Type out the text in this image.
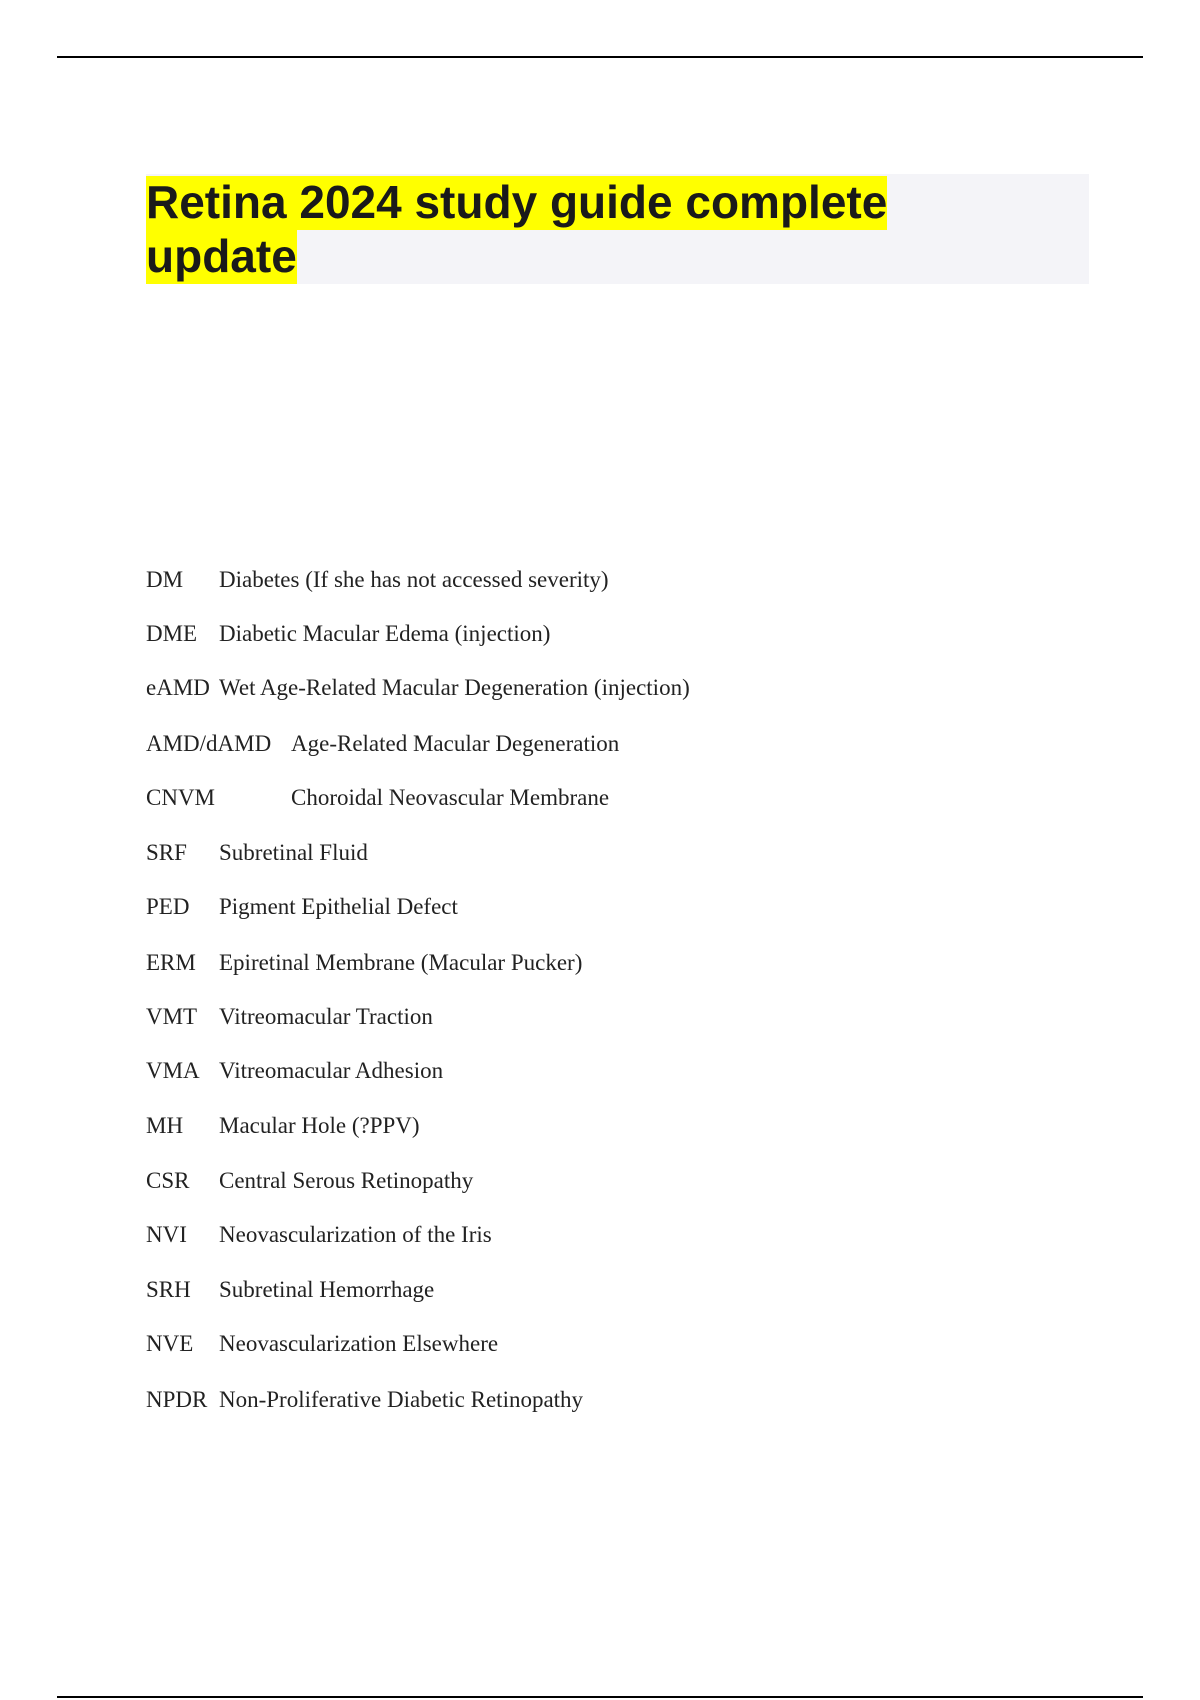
Retina 2024 study guide complete
update
DM Diabetes (If she has not accessed severity)
DME Diabetic Macular Edema (injection)
eAMD Wet Age-Related Macular Degeneration (injection)
AMD/dAMD Age-Related Macular Degeneration
CNVM	Choroidal Neovascular Membrane
SRF Subretinal Fluid
PED Pigment Epithelial Defect
ERM Epiretinal Membrane (Macular Pucker)
VMT Vitreomacular Traction
VMA Vitreomacular Adhesion
MH Macular Hole (?PPV)
CSR Central Serous Retinopathy
NVI Neovascularization of the Iris
SRH Subretinal Hemorrhage
NVE Neovascularization Elsewhere
NPDR Non-Proliferative Diabetic Retinopathy
